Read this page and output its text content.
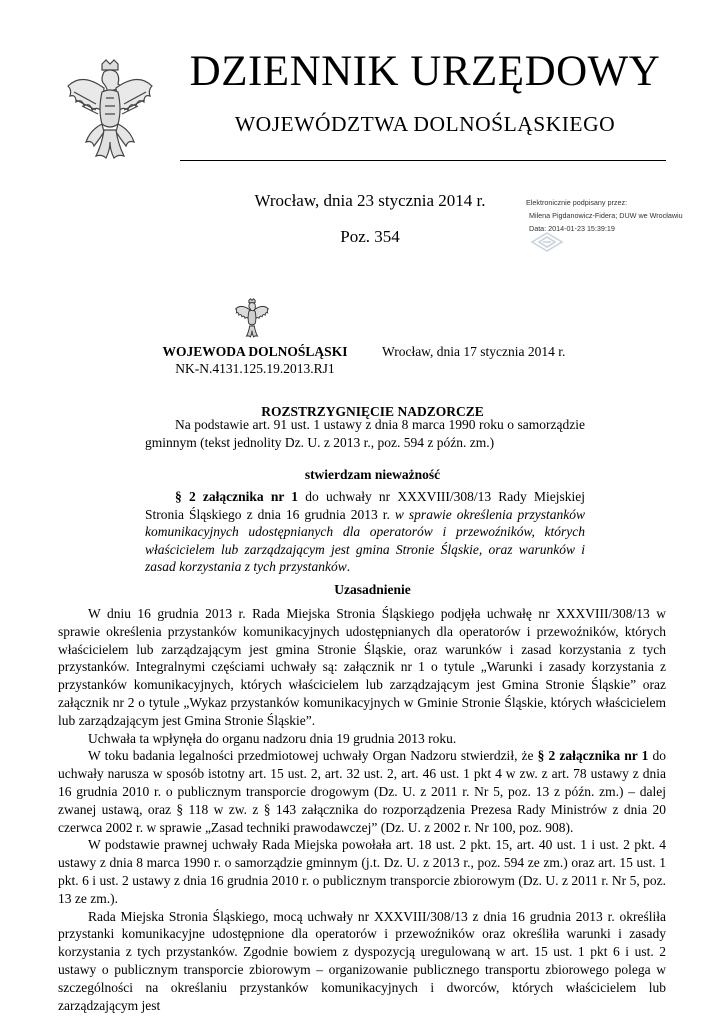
DZIENNIK URZĘDOWY
WOJEWÓDZTWA DOLNOŚLĄSKIEGO
Wrocław, dnia 23 stycznia 2014 r.
Poz. 354
Elektronicznie podpisany przez:
Milena Pigdanowicz-Fidera; DUW we Wrocławiu
Data: 2014-01-23 15:39:19
WOJEWODA DOLNOŚLĄSKI
NK-N.4131.125.19.2013.RJ1
Wrocław, dnia 17 stycznia 2014 r.
ROZSTRZYGNIĘCIE NADZORCZE

Na podstawie art. 91 ust. 1 ustawy z dnia 8 marca 1990 roku o samorządzie gminnym (tekst jednolity Dz. U. z 2013 r., poz. 594 z późn. zm.)

stwierdzam nieważność

§ 2 załącznika nr 1 do uchwały nr XXXVIII/308/13 Rady Miejskiej Stronia Śląskiego z dnia 16 grudnia 2013 r. w sprawie określenia przystanków komunikacyjnych udostępnianych dla operatorów i przewoźników, których właścicielem lub zarządzającym jest gmina Stronie Śląskie, oraz warunków i zasad korzystania z tych przystanków.

Uzasadnienie

W dniu 16 grudnia 2013 r. Rada Miejska Stronia Śląskiego podjęła uchwałę nr XXXVIII/308/13 w sprawie określenia przystanków komunikacyjnych udostępnianych dla operatorów i przewoźników, których właścicielem lub zarządzającym jest gmina Stronie Śląskie, oraz warunków i zasad korzystania z tych przystanków. Integralnymi częściami uchwały są: załącznik nr 1 o tytule „Warunki i zasady korzystania z przystanków komunikacyjnych, których właścicielem lub zarządzającym jest Gmina Stronie Śląskie” oraz załącznik nr 2 o tytule „Wykaz przystanków komunikacyjnych w Gminie Stronie Śląskie, których właścicielem lub zarządzającym jest Gmina Stronie Śląskie”.

Uchwała ta wpłynęła do organu nadzoru dnia 19 grudnia 2013 roku.

W toku badania legalności przedmiotowej uchwały Organ Nadzoru stwierdził, że § 2 załącznika nr 1 do uchwały narusza w sposób istotny art. 15 ust. 2, art. 32 ust. 2, art. 46 ust. 1 pkt 4 w zw. z art. 78 ustawy z dnia 16 grudnia 2010 r. o publicznym transporcie drogowym (Dz. U. z 2011 r. Nr 5, poz. 13 z późn. zm.) – dalej zwanej ustawą, oraz § 118 w zw. z § 143 załącznika do rozporządzenia Prezesa Rady Ministrów z dnia 20 czerwca 2002 r. w sprawie „Zasad techniki prawodawczej” (Dz. U. z 2002 r. Nr 100, poz. 908).

W podstawie prawnej uchwały Rada Miejska powołała art. 18 ust. 2 pkt. 15, art. 40 ust. 1 i ust. 2 pkt. 4 ustawy z dnia 8 marca 1990 r. o samorządzie gminnym (j.t. Dz. U. z 2013 r., poz. 594 ze zm.) oraz art. 15 ust. 1 pkt. 6 i ust. 2 ustawy z dnia 16 grudnia 2010 r. o publicznym transporcie zbiorowym (Dz. U. z 2011 r. Nr 5, poz. 13 ze zm.).

Rada Miejska Stronia Śląskiego, mocą uchwały nr XXXVIII/308/13 z dnia 16 grudnia 2013 r. określiła przystanki komunikacyjne udostępnione dla operatorów i przewoźników oraz określiła warunki i zasady korzystania z tych przystanków. Zgodnie bowiem z dyspozycją uregulowaną w art. 15 ust. 1 pkt 6 i ust. 2 ustawy o publicznym transporcie zbiorowym – organizowanie publicznego transportu zbiorowego polega w szczególności na określaniu przystanków komunikacyjnych i dworców, których właścicielem lub zarządzającym jest
